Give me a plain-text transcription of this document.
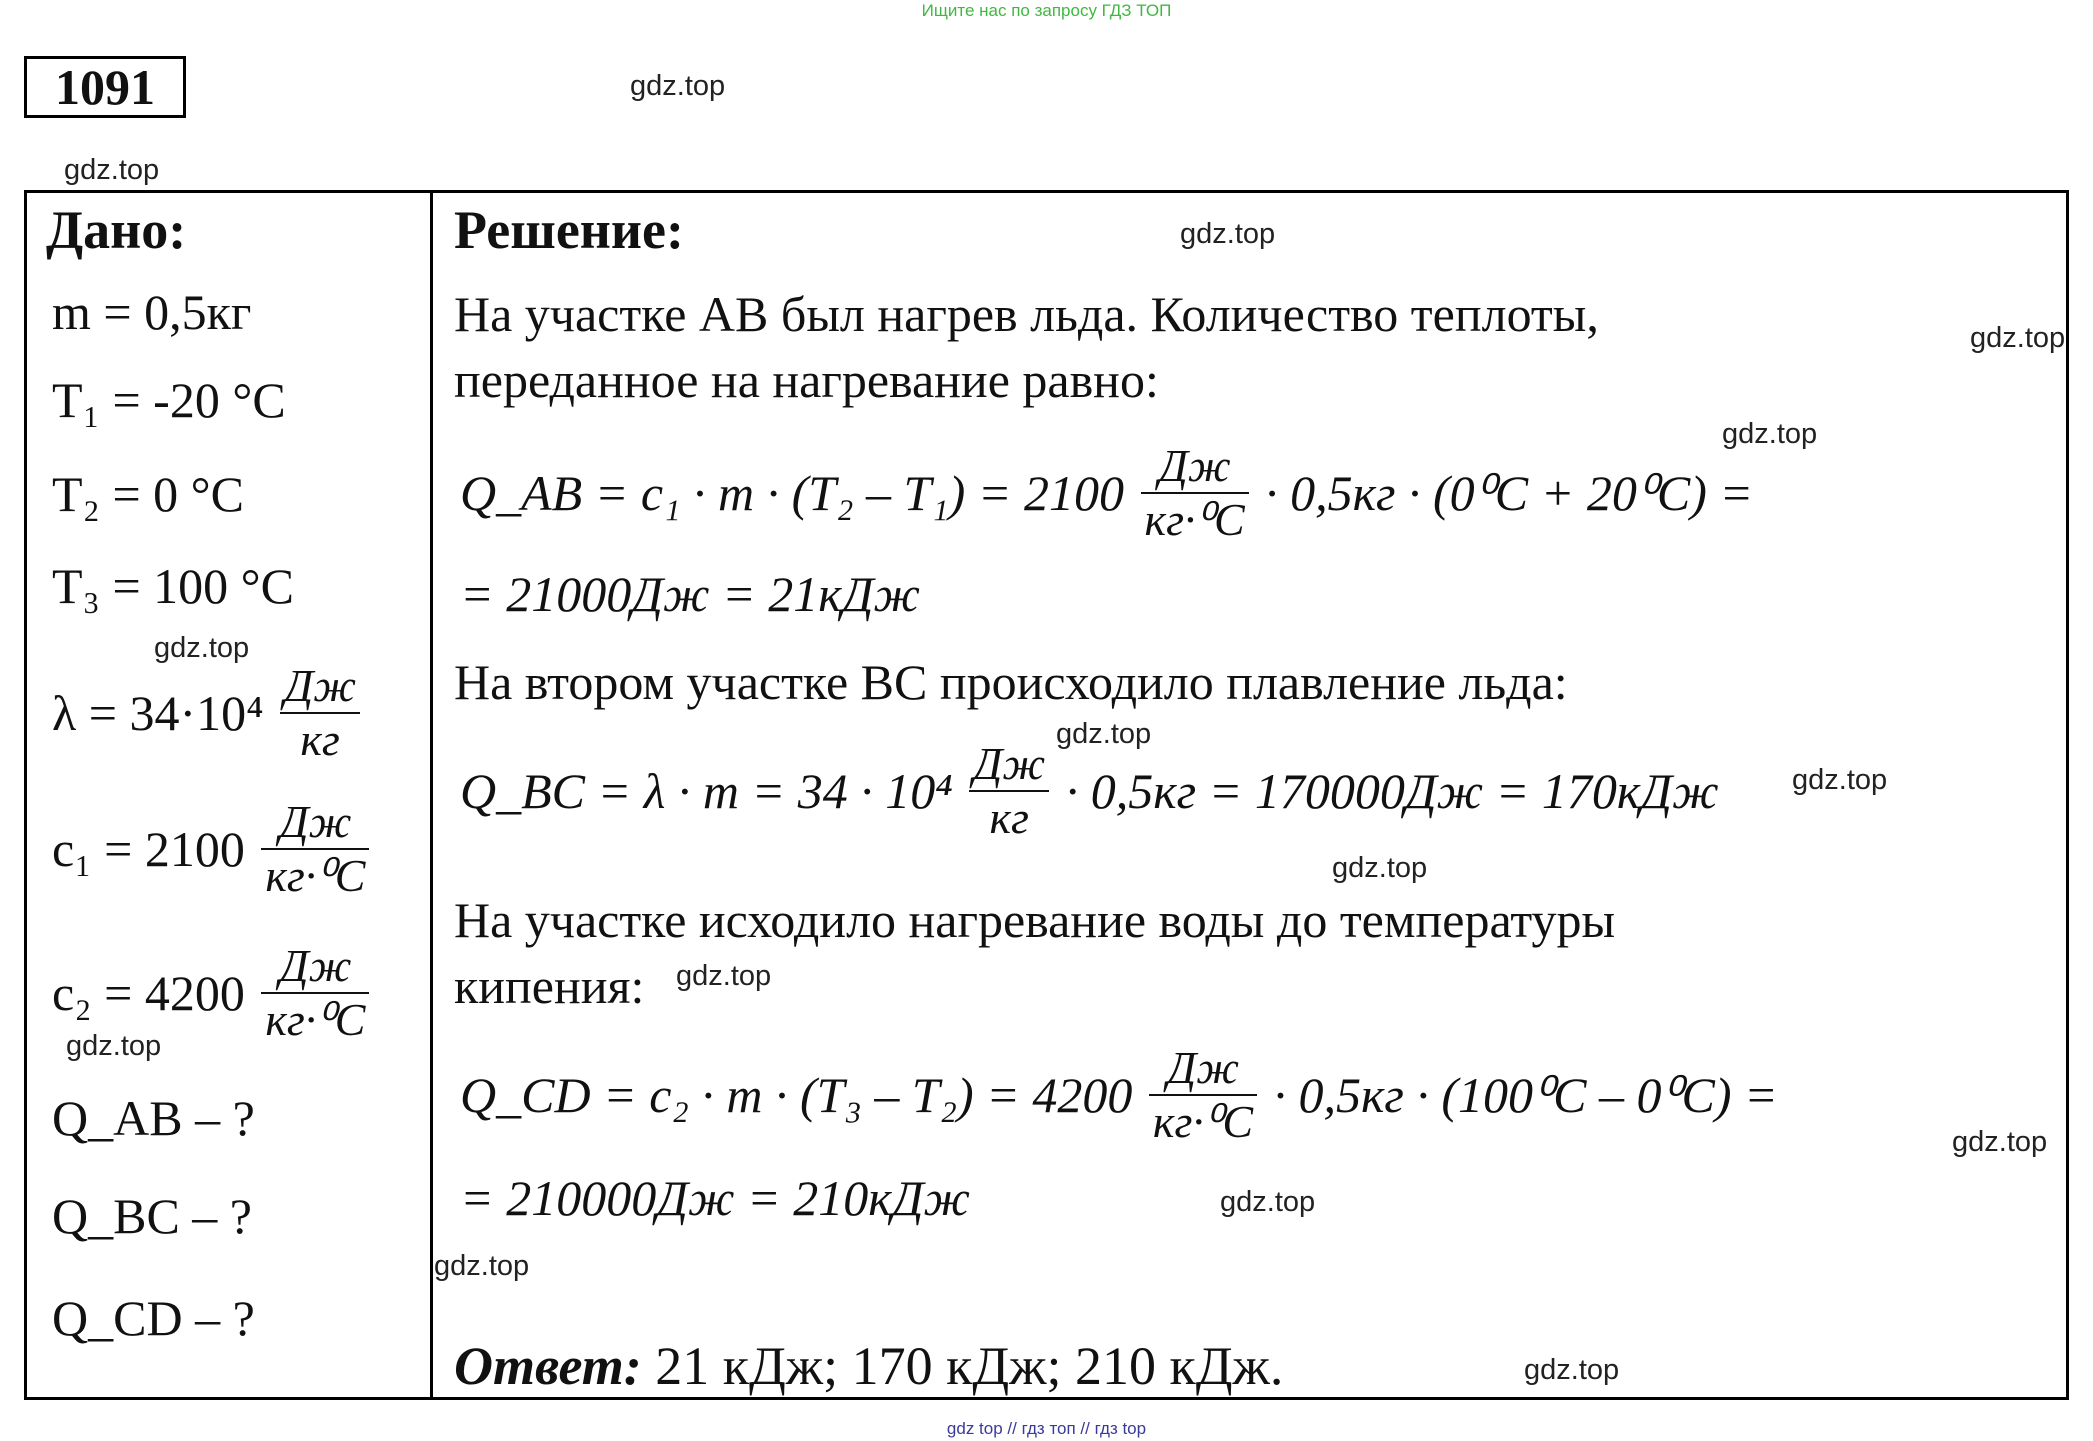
Ищите нас по запросу ГДЗ ТОП
1091	gdz.top
gdz.top
gdz.top
gdz.top
gdz.top
gdz.top
gdz.top
gdz.top
gdz.top
gdz.top
gdz.top
gdz.top
gdz.top
gdz.top
gdz.top
Дано:
m = 0,5кг
T₁ = -20 °C
T₂ = 0 °C
T₃ = 100 °C
$\lambda = 34\cdot 10^4 \frac{Дж}{кг}$
$c_1 = 2100 \frac{Дж}{\text{кг·⁰C}}$
$c_2 = 4200 \frac{Дж}{\text{кг·⁰C}}$
Q_AB – ?
Q_BC – ?
Q_CD – ?
Решение:
На участке АВ был нагрев льда. Количество теплоты,
переданное на нагревание равно:
Q_AB = $c_1 \cdot m \cdot (T_2 - T_1) = 2100 \frac{Дж}{\text{кг·⁰C}} \cdot 0,5кг \cdot (0^0C + 20^0C)$ =
= 21000Дж = 21кДж
На втором участке ВС происходило плавление льда:
Q_BC = $\lambda \cdot m = 34 \cdot 10^4 \frac{Дж}{кг} \cdot 0,5кг = 170000Дж = 170кДж$
На участке исходило нагревание воды до температуры
кипения:
Q_CD = $c_2 \cdot m \cdot (T_3 - T_2) = 4200 \frac{Дж}{\text{кг·⁰C}} \cdot 0,5кг \cdot (100^0C - 0^0C)$ =
= 210000Дж = 210кДж
Ответ: 21 кДж; 170 кДж; 210 кДж.
gdz top // гдз топ // гдз top
